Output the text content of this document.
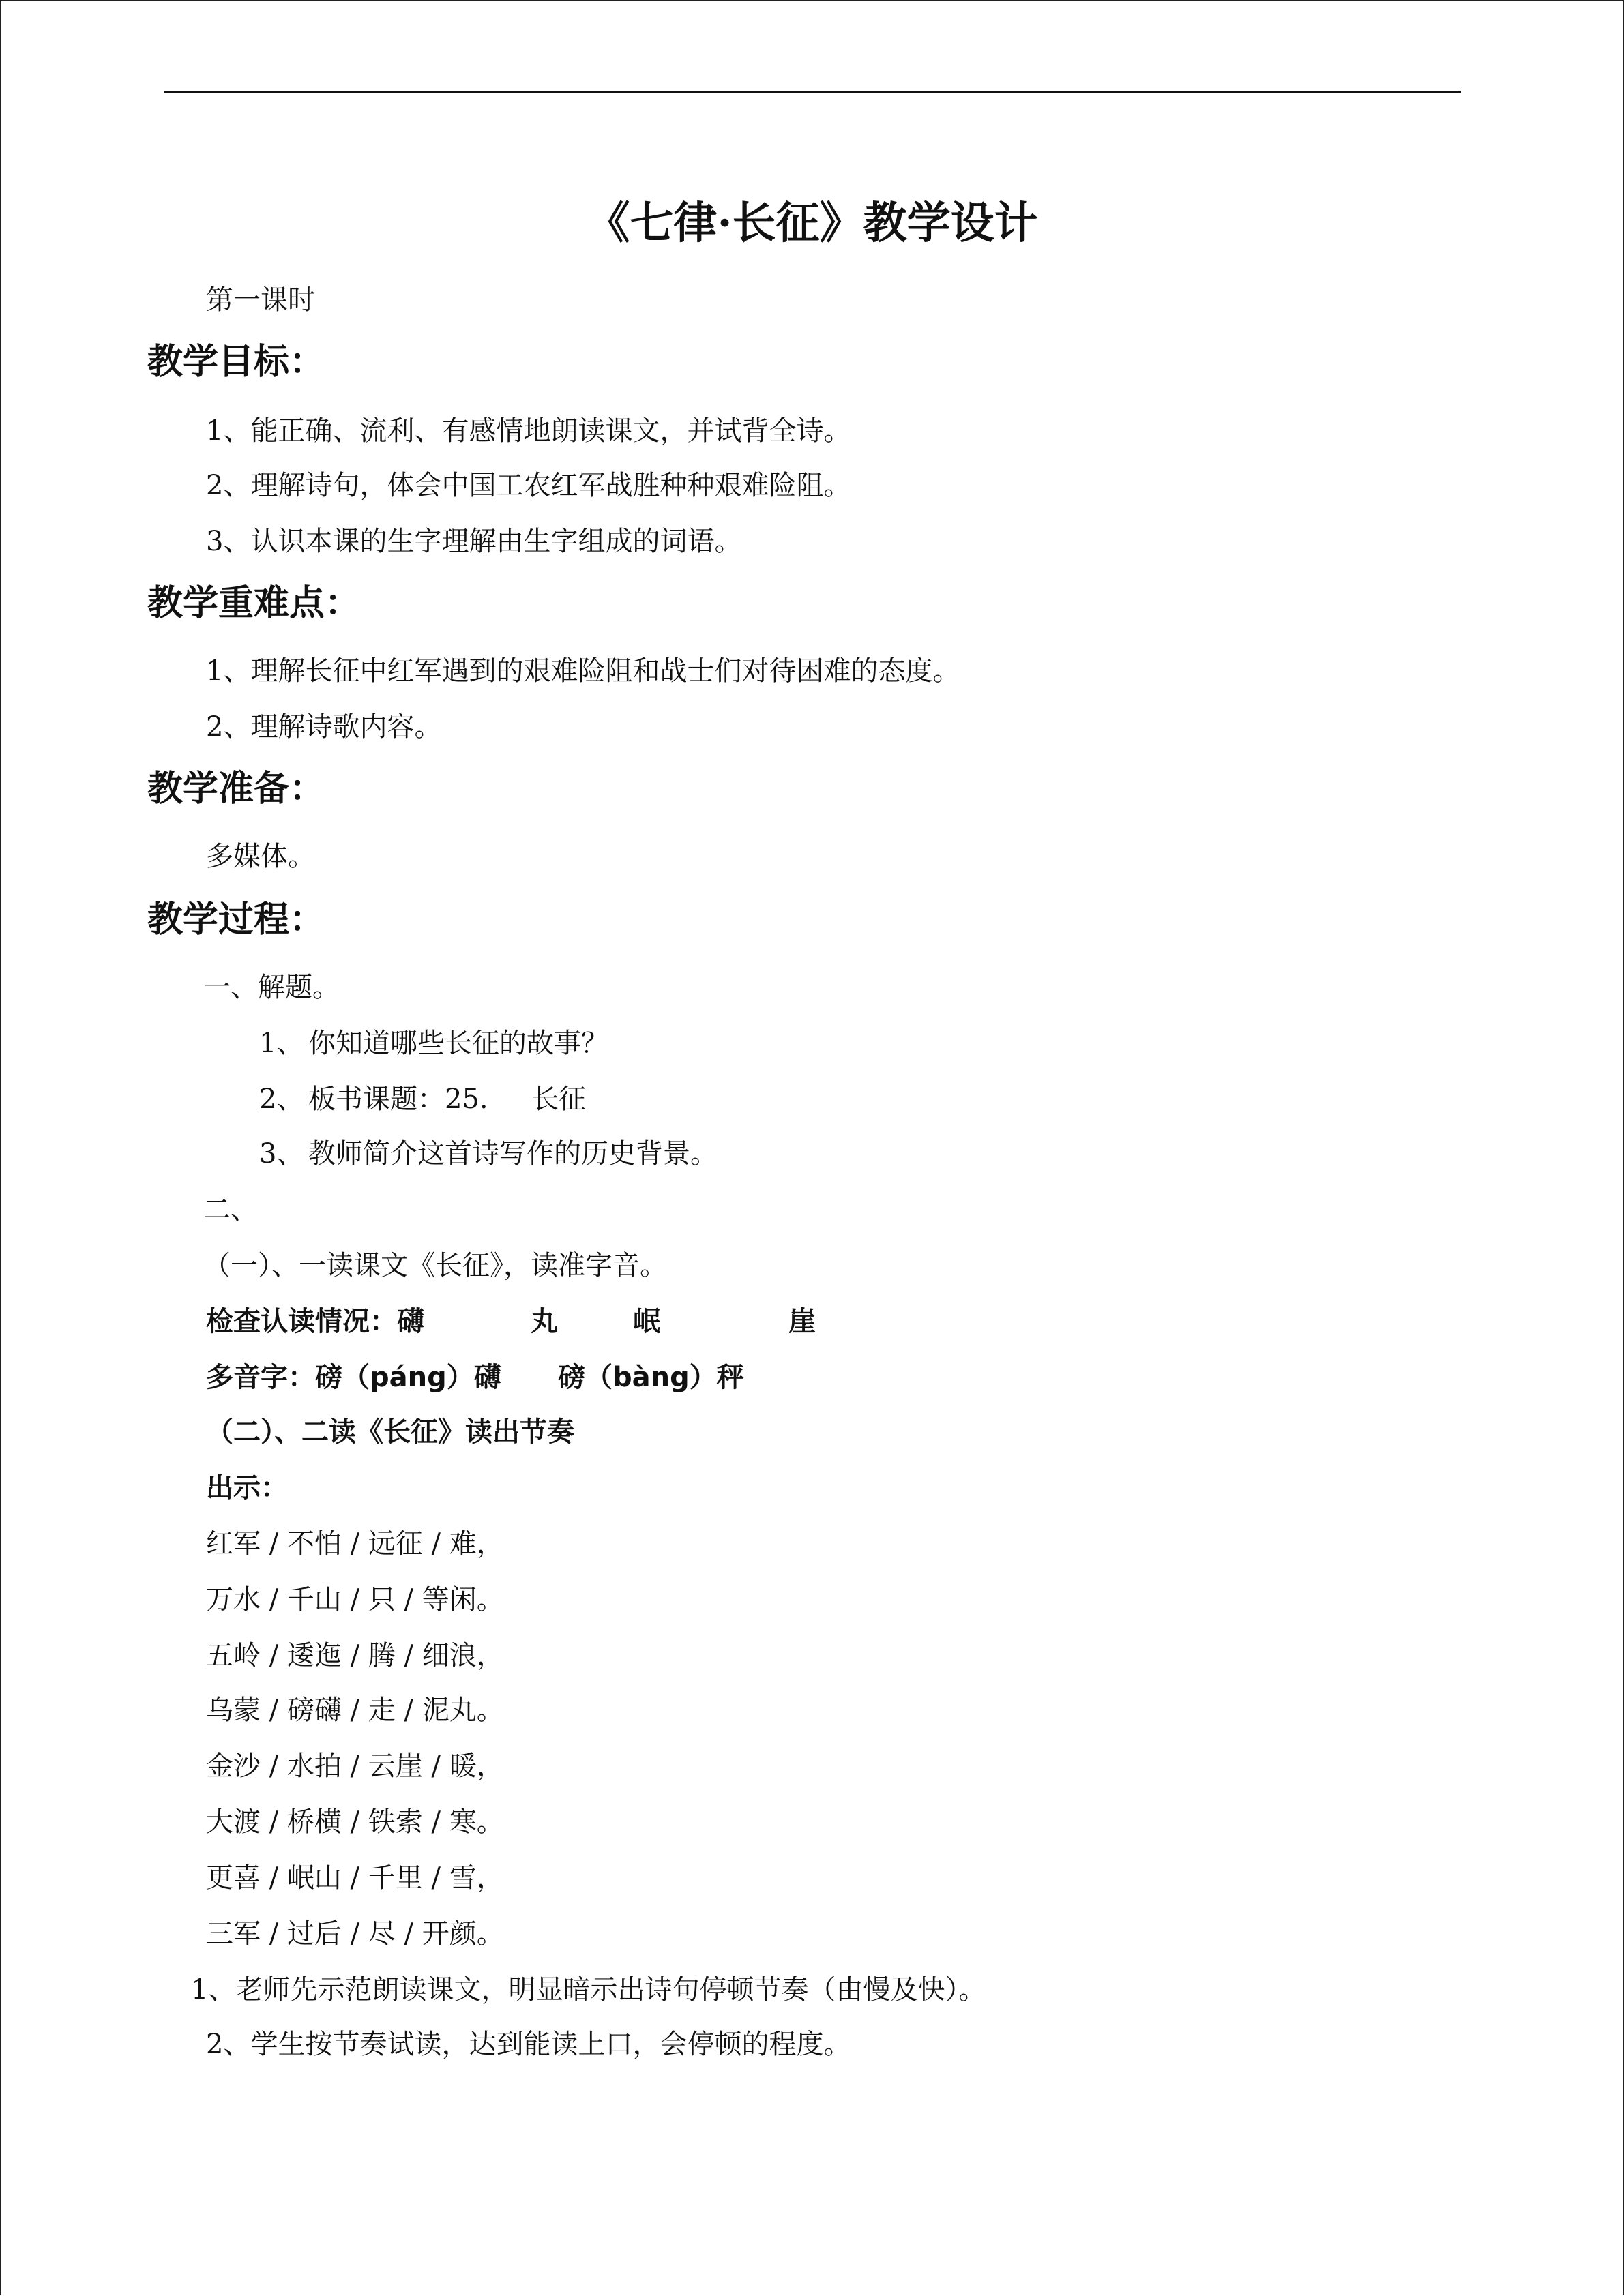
《七律·长征》教学设计

第一课时

教学目标：

1、能正确、流利、有感情地朗读课文，并试背全诗。

2、理解诗句，体会中国工农红军战胜种种艰难险阻。

3、认识本课的生字理解由生字组成的词语。

教学重难点：

1、理解长征中红军遇到的艰难险阻和战士们对待困难的态度。

2、理解诗歌内容。

教学准备：

多媒体。

教学过程：

一、解题。

1、 你知道哪些长征的故事？

2、 板书课题：25.     长征

3、 教师简介这首诗写作的历史背景。

二、

（一）、一读课文《长征》，读准字音。

检查认读情况：礴	丸	岷	崖

多音字：磅（páng）礴 磅（bàng）秤

（二）、二读《长征》读出节奏

出示：

红军 / 不怕 / 远征 / 难，

万水 / 千山 / 只 / 等闲。

五岭 / 逶迤 / 腾 / 细浪，

乌蒙 / 磅礴 / 走 / 泥丸。

金沙 / 水拍 / 云崖 / 暖，

大渡 / 桥横 / 铁索 / 寒。

更喜 / 岷山 / 千里 / 雪，

三军 / 过后 / 尽 / 开颜。

1、老师先示范朗读课文，明显暗示出诗句停顿节奏（由慢及快）。

2、学生按节奏试读，达到能读上口，会停顿的程度。
